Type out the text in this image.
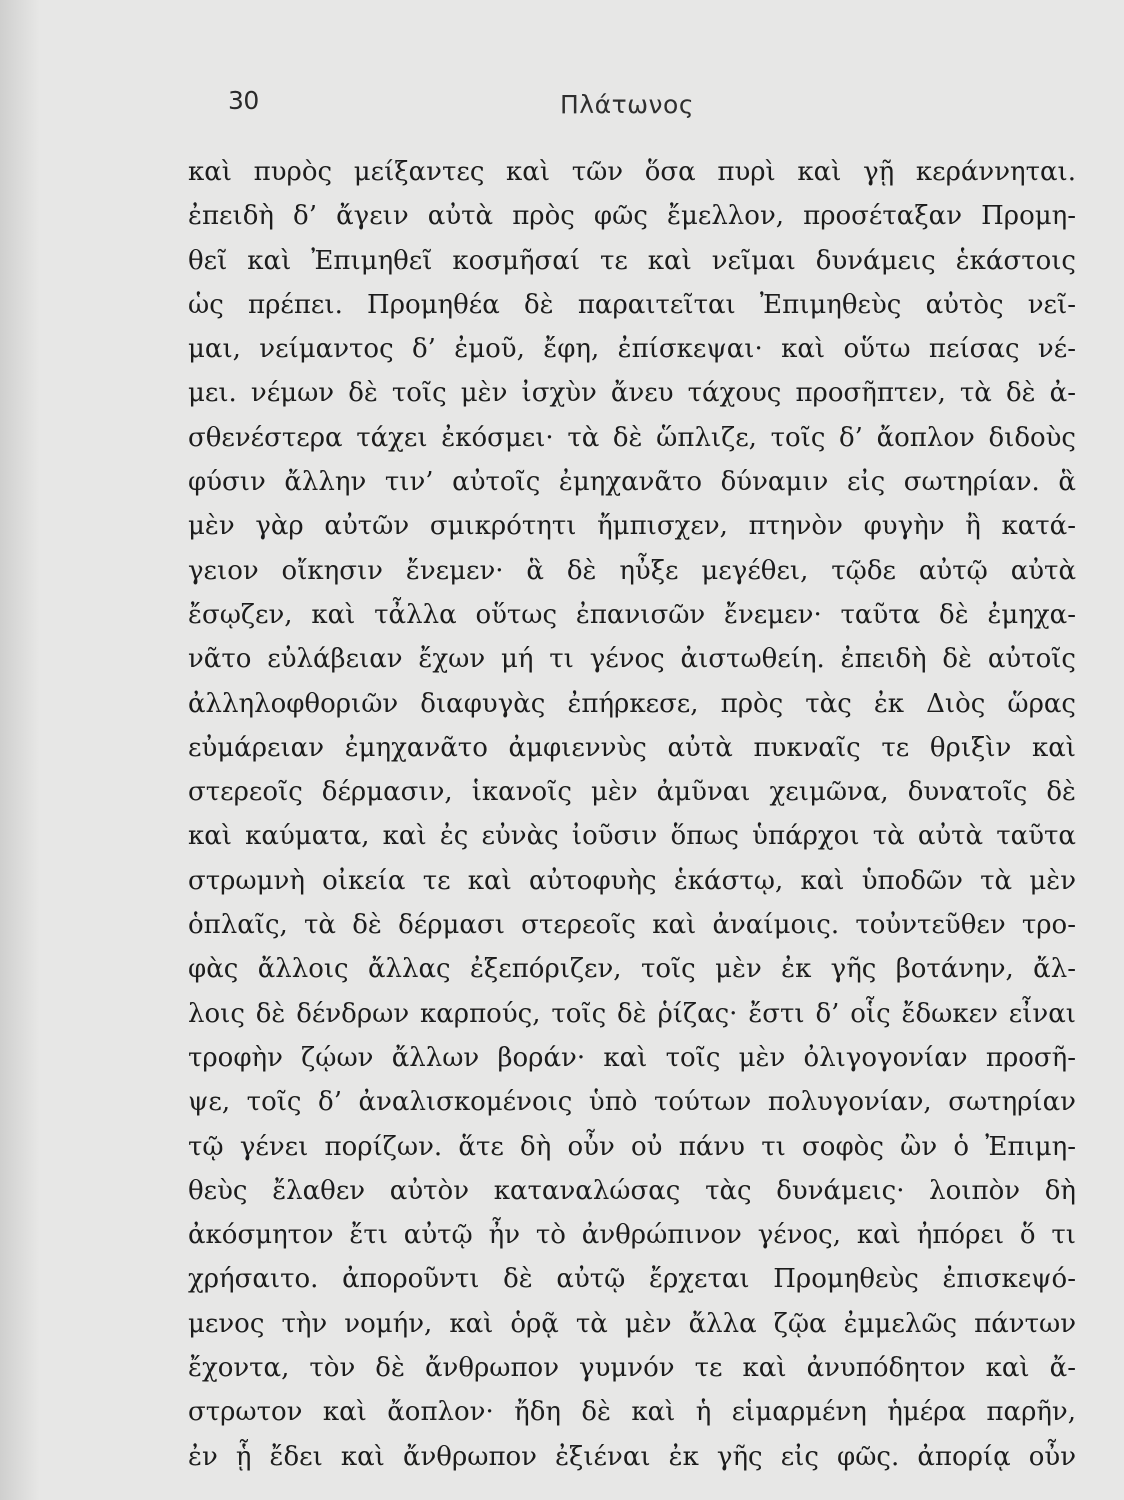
30	Πλάτωνος
καὶ πυρὸς μείξαντες καὶ τῶν ὅσα πυρὶ καὶ γῇ κεράννηται.
ἐπειδὴ δ’ ἄγειν αὐτὰ πρὸς φῶς ἔμελλον, προσέταξαν Προμη-
θεῖ καὶ Ἐπιμηθεῖ κοσμῆσαί τε καὶ νεῖμαι δυνάμεις ἑκάστοις
ὡς πρέπει. Προμηθέα δὲ παραιτεῖται Ἐπιμηθεὺς αὐτὸς νεῖ-
μαι, νείμαντος δ’ ἐμοῦ, ἔφη, ἐπίσκεψαι· καὶ οὕτω πείσας νέ-
μει. νέμων δὲ τοῖς μὲν ἰσχὺν ἄνευ τάχους προσῆπτεν, τὰ δὲ ἀ-
σθενέστερα τάχει ἐκόσμει· τὰ δὲ ὥπλιζε, τοῖς δ’ ἄοπλον διδοὺς
φύσιν ἄλλην τιν’ αὐτοῖς ἐμηχανᾶτο δύναμιν εἰς σωτηρίαν. ἃ
μὲν γὰρ αὐτῶν σμικρότητι ἤμπισχεν, πτηνὸν φυγὴν ἢ κατά-
γειον οἴκησιν ἔνεμεν· ἃ δὲ ηὖξε μεγέθει, τῷδε αὐτῷ αὐτὰ
ἔσῳζεν, καὶ τἆλλα οὕτως ἐπανισῶν ἔνεμεν· ταῦτα δὲ ἐμηχα-
νᾶτο εὐλάβειαν ἔχων μή τι γένος ἀιστωθείη. ἐπειδὴ δὲ αὐτοῖς
ἀλληλοφθοριῶν διαφυγὰς ἐπήρκεσε, πρὸς τὰς ἐκ Διὸς ὥρας
εὐμάρειαν ἐμηχανᾶτο ἀμφιεννὺς αὐτὰ πυκναῖς τε θριξὶν καὶ
στερεοῖς δέρμασιν, ἱκανοῖς μὲν ἀμῦναι χειμῶνα, δυνατοῖς δὲ
καὶ καύματα, καὶ ἐς εὐνὰς ἰοῦσιν ὅπως ὑπάρχοι τὰ αὐτὰ ταῦτα
στρωμνὴ οἰκεία τε καὶ αὐτοφυὴς ἑκάστῳ, καὶ ὑποδῶν τὰ μὲν
ὁπλαῖς, τὰ δὲ δέρμασι στερεοῖς καὶ ἀναίμοις. τοὐντεῦθεν τρο-
φὰς ἄλλοις ἄλλας ἐξεπόριζεν, τοῖς μὲν ἐκ γῆς βοτάνην, ἄλ-
λοις δὲ δένδρων καρπούς, τοῖς δὲ ῥίζας· ἔστι δ’ οἷς ἔδωκεν εἶναι
τροφὴν ζῴων ἄλλων βοράν· καὶ τοῖς μὲν ὀλιγογονίαν προσῆ-
ψε, τοῖς δ’ ἀναλισκομένοις ὑπὸ τούτων πολυγονίαν, σωτηρίαν
τῷ γένει πορίζων. ἅτε δὴ οὖν οὐ πάνυ τι σοφὸς ὢν ὁ Ἐπιμη-
θεὺς ἔλαθεν αὐτὸν καταναλώσας τὰς δυνάμεις· λοιπὸν δὴ
ἀκόσμητον ἔτι αὐτῷ ἦν τὸ ἀνθρώπινον γένος, καὶ ἠπόρει ὅ τι
χρήσαιτο. ἀποροῦντι δὲ αὐτῷ ἔρχεται Προμηθεὺς ἐπισκεψό-
μενος τὴν νομήν, καὶ ὁρᾷ τὰ μὲν ἄλλα ζῷα ἐμμελῶς πάντων
ἔχοντα, τὸν δὲ ἄνθρωπον γυμνόν τε καὶ ἀνυπόδητον καὶ ἄ-
στρωτον καὶ ἄοπλον· ἤδη δὲ καὶ ἡ εἱμαρμένη ἡμέρα παρῆν,
ἐν ᾗ ἔδει καὶ ἄνθρωπον ἐξιέναι ἐκ γῆς εἰς φῶς. ἀπορίᾳ οὖν
